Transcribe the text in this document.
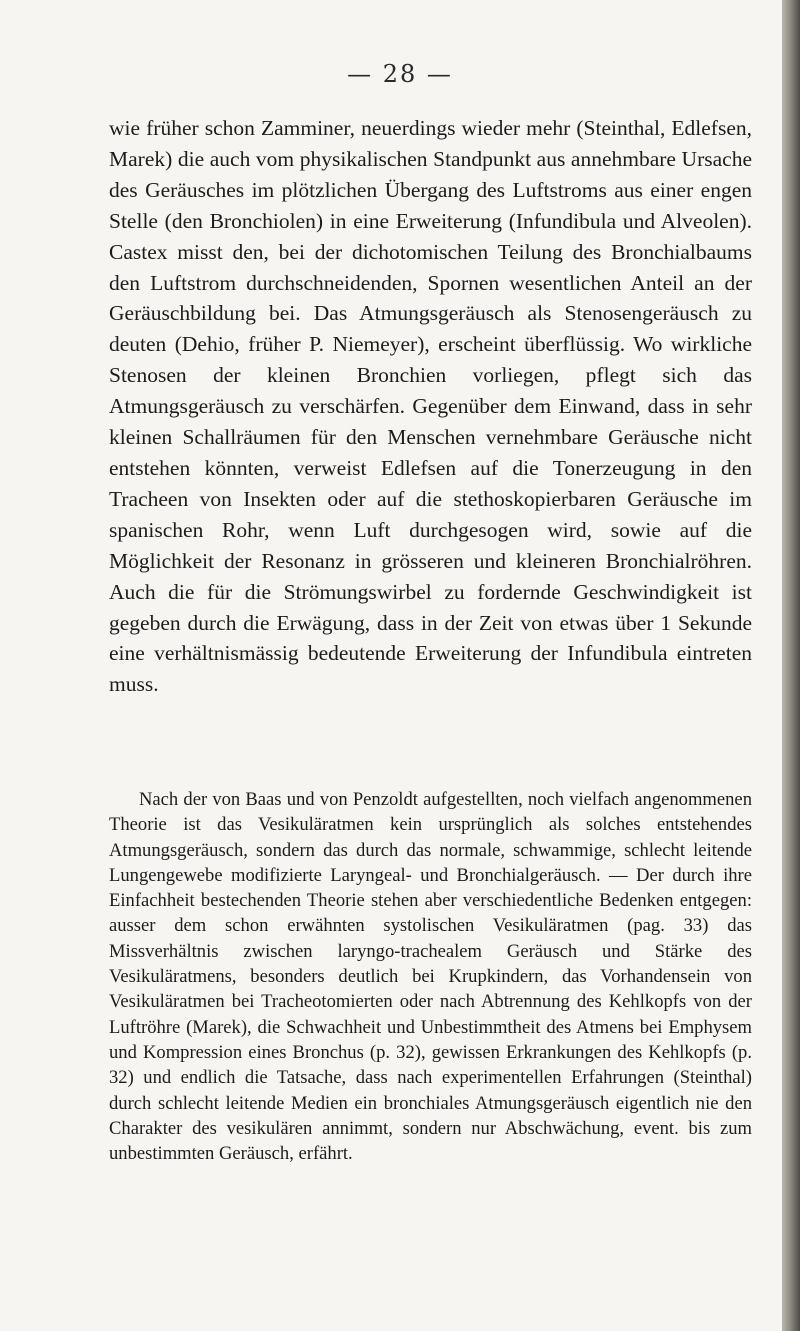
— 28 —

wie früher schon Zamminer, neuerdings wieder mehr (Steinthal, Edlefsen, Marek) die auch vom physikalischen Standpunkt aus annehmbare Ursache des Geräusches im plötzlichen Übergang des Luftstroms aus einer engen Stelle (den Bronchiolen) in eine Erweiterung (Infundibula und Alveolen). Castex misst den, bei der dichotomischen Teilung des Bronchialbaums den Luftstrom durchschneidenden, Spornen wesentlichen Anteil an der Geräuschbildung bei. Das Atmungsgeräusch als Stenosengeräusch zu deuten (Dehio, früher P. Niemeyer), erscheint überflüssig. Wo wirkliche Stenosen der kleinen Bronchien vorliegen, pflegt sich das Atmungsgeräusch zu verschärfen. Gegenüber dem Einwand, dass in sehr kleinen Schallräumen für den Menschen vernehmbare Geräusche nicht entstehen könnten, verweist Edlefsen auf die Tonerzeugung in den Tracheen von Insekten oder auf die stethoskopierbaren Geräusche im spanischen Rohr, wenn Luft durchgesogen wird, sowie auf die Möglichkeit der Resonanz in grösseren und kleineren Bronchialröhren. Auch die für die Strömungswirbel zu fordernde Geschwindigkeit ist gegeben durch die Erwägung, dass in der Zeit von etwas über 1 Sekunde eine verhältnismässig bedeutende Erweiterung der Infundibula eintreten muss.

Nach der von Baas und von Penzoldt aufgestellten, noch vielfach angenommenen Theorie ist das Vesikuläratmen kein ursprünglich als solches entstehendes Atmungsgeräusch, sondern das durch das normale, schwammige, schlecht leitende Lungengewebe modifizierte Laryngeal- und Bronchialgeräusch. — Der durch ihre Einfachheit bestechenden Theorie stehen aber verschiedentliche Bedenken entgegen: ausser dem schon erwähnten systolischen Vesikuläratmen (pag. 33) das Missverhältnis zwischen laryngo-trachealem Geräusch und Stärke des Vesikuläratmens, besonders deutlich bei Krupkindern, das Vorhandensein von Vesikuläratmen bei Tracheotomierten oder nach Abtrennung des Kehlkopfs von der Luftröhre (Marek), die Schwachheit und Unbestimmtheit des Atmens bei Emphysem und Kompression eines Bronchus (p. 32), gewissen Erkrankungen des Kehlkopfs (p. 32) und endlich die Tatsache, dass nach experimentellen Erfahrungen (Steinthal) durch schlecht leitende Medien ein bronchiales Atmungsgeräusch eigentlich nie den Charakter des vesikulären annimmt, sondern nur Abschwächung, event. bis zum unbestimmten Geräusch, erfährt.
